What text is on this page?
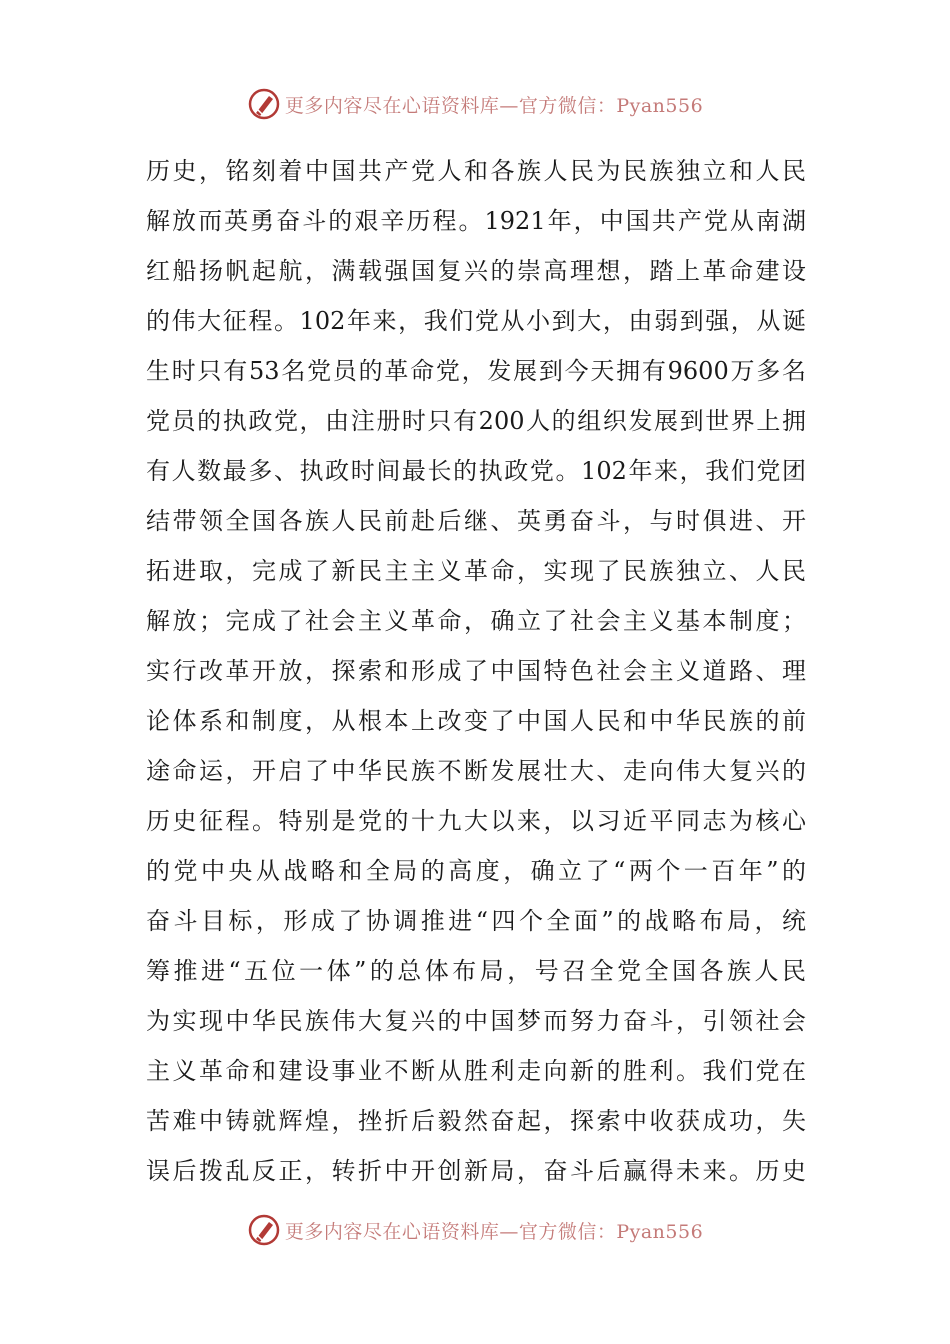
更多内容尽在心语资料库—官方微信：Pyan556
历史，铭刻着中国共产党人和各族人民为民族独立和人民
解放而英勇奋斗的艰辛历程。1921年，中国共产党从南湖
红船扬帆起航，满载强国复兴的崇高理想，踏上革命建设
的伟大征程。102年来，我们党从小到大，由弱到强，从诞
生时只有53名党员的革命党，发展到今天拥有9600万多名
党员的执政党，由注册时只有200人的组织发展到世界上拥
有人数最多、执政时间最长的执政党。102年来，我们党团
结带领全国各族人民前赴后继、英勇奋斗，与时俱进、开
拓进取，完成了新民主主义革命，实现了民族独立、人民
解放；完成了社会主义革命，确立了社会主义基本制度；
实行改革开放，探索和形成了中国特色社会主义道路、理
论体系和制度，从根本上改变了中国人民和中华民族的前
途命运，开启了中华民族不断发展壮大、走向伟大复兴的
历史征程。特别是党的十九大以来，以习近平同志为核心
的党中央从战略和全局的高度，确立了“两个一百年”的
奋斗目标，形成了协调推进“四个全面”的战略布局，统
筹推进“五位一体”的总体布局，号召全党全国各族人民
为实现中华民族伟大复兴的中国梦而努力奋斗，引领社会
主义革命和建设事业不断从胜利走向新的胜利。我们党在
苦难中铸就辉煌，挫折后毅然奋起，探索中收获成功，失
误后拨乱反正，转折中开创新局，奋斗后赢得未来。历史
更多内容尽在心语资料库—官方微信：Pyan556
